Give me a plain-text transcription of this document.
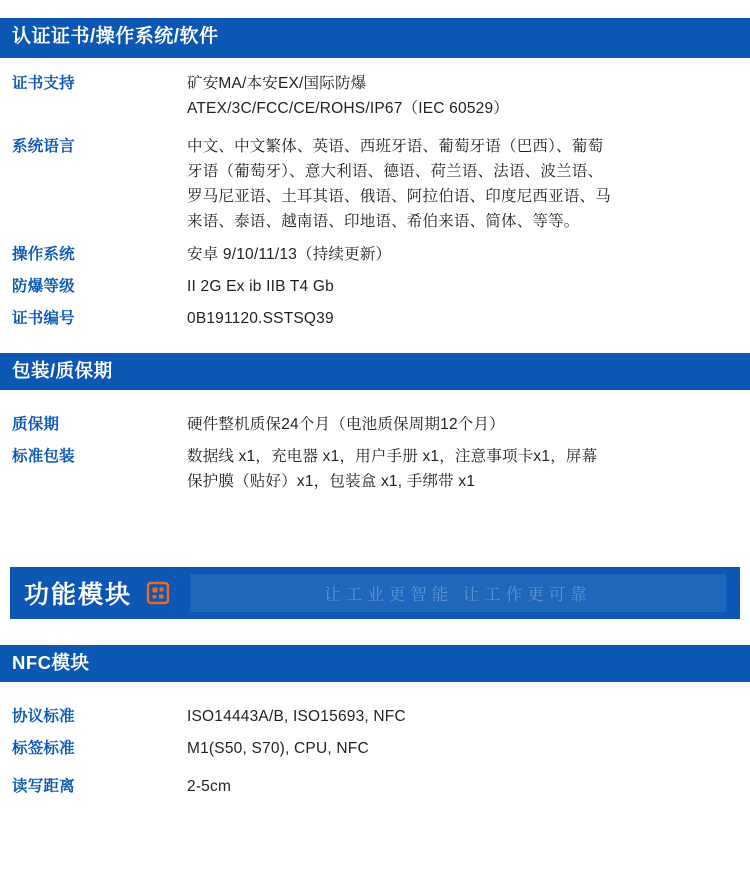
认证证书/操作系统/软件
证书支持	矿安MA/本安EX/国际防爆
ATEX/3C/FCC/CE/ROHS/IP67（IEC 60529）
系统语言	中文、中文繁体、英语、西班牙语、葡萄牙语（巴西）、葡萄
牙语（葡萄牙）、意大利语、德语、荷兰语、法语、波兰语、
罗马尼亚语、土耳其语、俄语、阿拉伯语、印度尼西亚语、马
来语、泰语、越南语、印地语、希伯来语、简体、等等。
操作系统	安卓 9/10/11/13（持续更新）
防爆等级	II 2G Ex ib IIB T4 Gb
证书编号	0B191120.SSTSQ39
包装/质保期
质保期	硬件整机质保24个月（电池质保周期12个月）
标准包装	数据线 x1，充电器 x1，用户手册 x1，注意事项卡x1，屏幕
保护膜（贴好）x1，包装盒 x1, 手绑带 x1
功能模块	让工业更智能 让工作更可靠
NFC模块
协议标准	ISO14443A/B, ISO15693, NFC
标签标准	M1(S50, S70), CPU, NFC
读写距离	2-5cm
